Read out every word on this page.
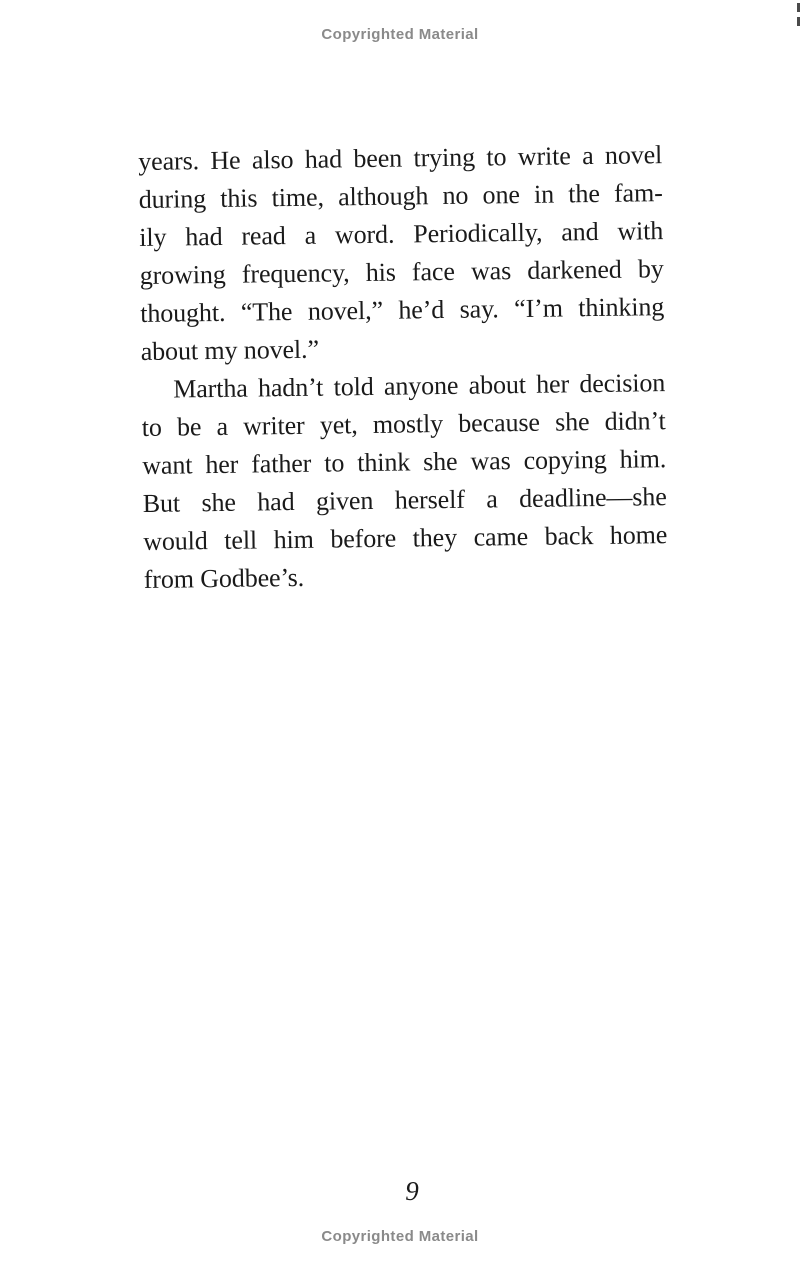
Copyrighted Material
years. He also had been trying to write a novel
during this time, although no one in the fam-
ily had read a word. Periodically, and with
growing frequency, his face was darkened by
thought. “The novel,” he’d say. “I’m thinking
about my novel.”
Martha hadn’t told anyone about her decision
to be a writer yet, mostly because she didn’t
want her father to think she was copying him.
But she had given herself a deadline—she
would tell him before they came back home
from Godbee’s.
9
Copyrighted Material
